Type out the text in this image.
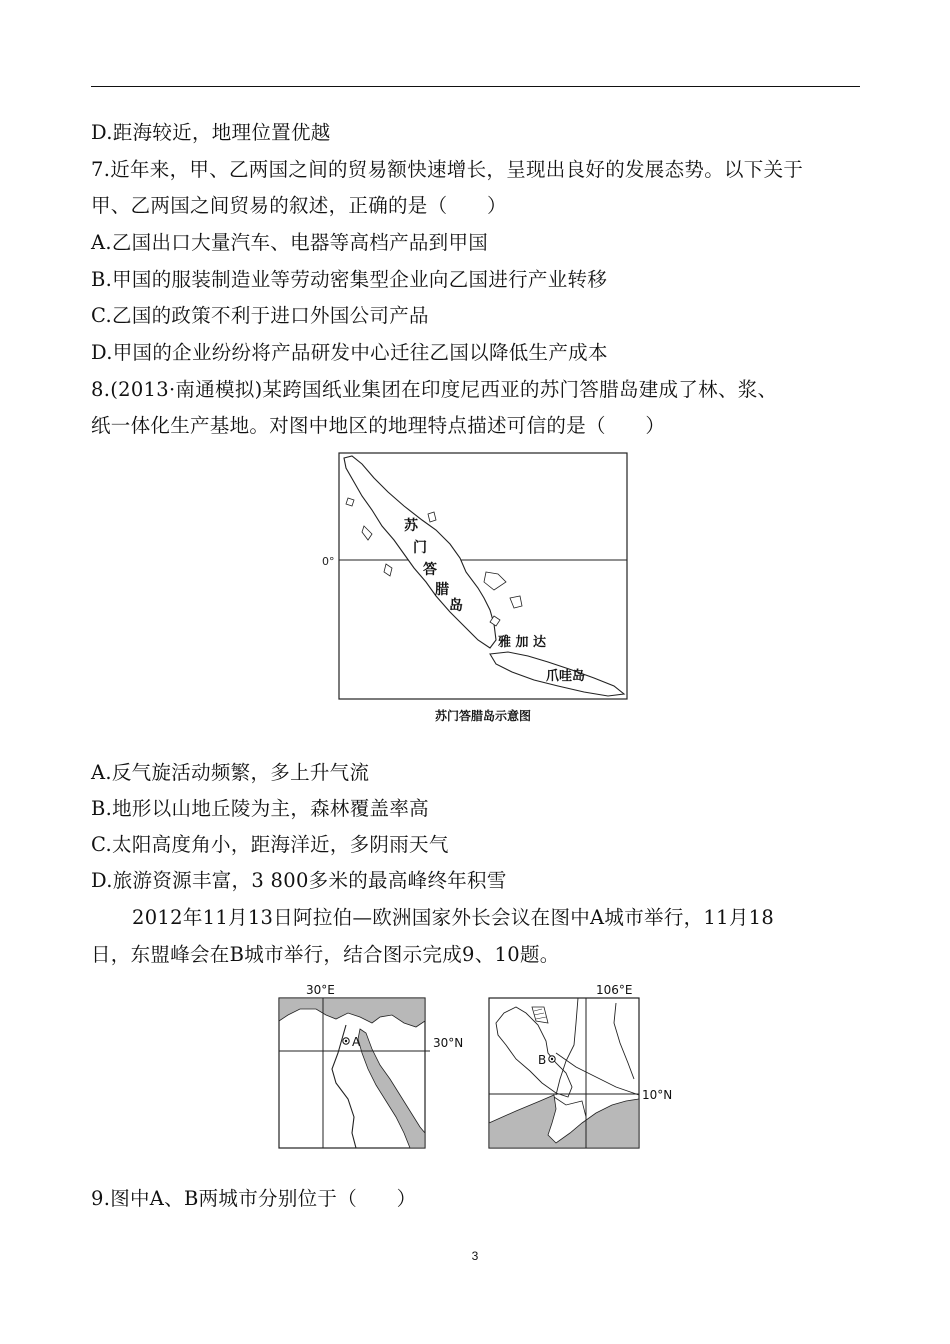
D.距海较近，地理位置优越
7.近年来，甲、乙两国之间的贸易额快速增长，呈现出良好的发展态势。以下关于
甲、乙两国之间贸易的叙述，正确的是（　　）
A.乙国出口大量汽车、电器等高档产品到甲国
B.甲国的服装制造业等劳动密集型企业向乙国进行产业转移
C.乙国的政策不利于进口外国公司产品
D.甲国的企业纷纷将产品研发中心迁往乙国以降低生产成本
8.(2013·南通模拟)某跨国纸业集团在印度尼西亚的苏门答腊岛建成了林、浆、
纸一体化生产基地。对图中地区的地理特点描述可信的是（　　）
0°
苏
门
答
腊
岛
雅 加 达
爪哇岛
苏门答腊岛示意图
A.反气旋活动频繁，多上升气流
B.地形以山地丘陵为主，森林覆盖率高
C.太阳高度角小，距海洋近，多阴雨天气
D.旅游资源丰富，3 800多米的最高峰终年积雪
2012年11月13日阿拉伯—欧洲国家外长会议在图中A城市举行，11月18
日，东盟峰会在B城市举行，结合图示完成9、10题。
A
30°E
30°N
B
106°E
10°N
9.图中A、B两城市分别位于（　　）
3
